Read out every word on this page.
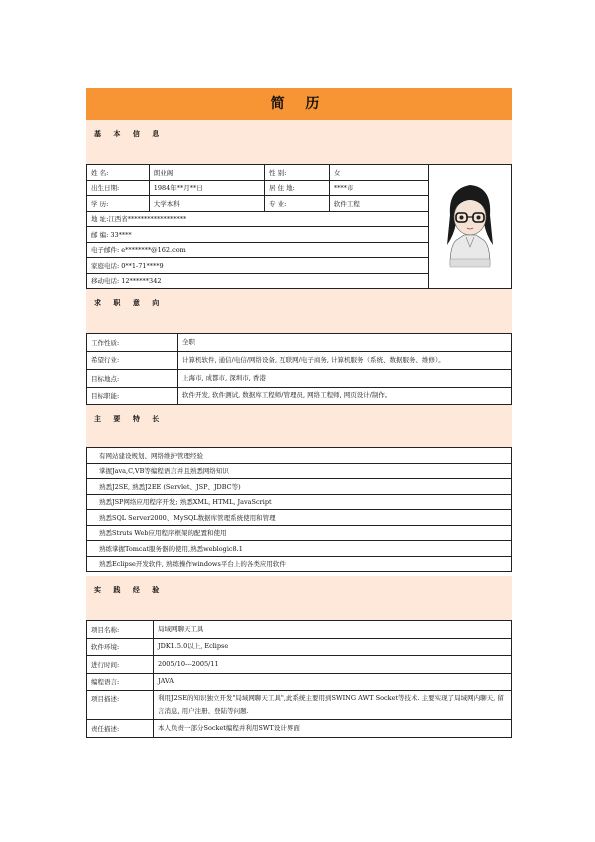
简 历
基 本 信 息
姓 名:	朗业阁	性 别:	女	

出生日期:	1984年**月**日	居 住 地:	****市	
学 历:	大学本科	专 业:	软件工程	
地 址:江西省******************				
邮 编: 33****				
电子邮件: e********@162.com				
家庭电话: 0**1-71****9				
移动电话: 12******342				
求 职 意 向
工作性质:	全职
希望行业:	计算机软件, 通信/电信/网络设备, 互联网/电子商务, 计算机服务（系统、数据服务、维修）。
目标地点:	上海市, 成都市, 深圳市, 香港
目标职能:	软件开发, 软件测试, 数据库工程师/管理员, 网络工程师, 网页设计/制作。
主 要 特 长
有网站建设规划、网络维护管理经验
掌握Java,C,VB等编程语言并且熟悉网络知识
熟悉J2SE, 熟悉J2EE (Servlet、JSP、JDBC等)
熟悉JSP网络应用程序开发; 熟悉XML, HTML, JavaScript
熟悉SQL Server2000、MySQL数据库管理系统使用和管理
熟悉Struts Web应用程序框架的配置和使用
熟练掌握Tomcat服务器的使用,熟悉weblogic8.1
熟悉Eclipse开发软件, 熟练操作windows平台上的各类应用软件
实 践 经 验
项目名称:	局域网聊天工具
软件环境:	JDK1.5.0以上, Eclipse
进行时间:	2005/10---2005/11
编程语言:	JAVA
项目描述:	利用J2SE的知识独立开发"局域网聊天工具",此系统主要用到SWING AWT Socket等技术. 主要实现了局域网内聊天, 留言消息, 用户注册、登陆等问题.
责任描述:	本人负责一部分Socket编程并利用SWT设计界面
